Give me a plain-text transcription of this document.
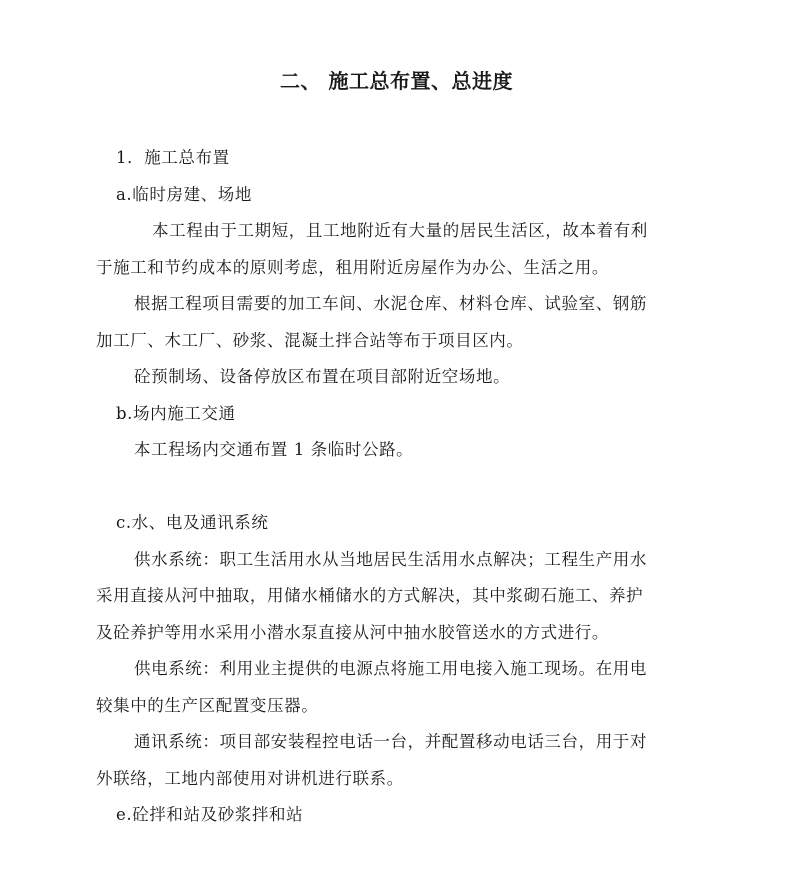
二、 施工总布置、总进度
1．施工总布置
a.临时房建、场地
本工程由于工期短，且工地附近有大量的居民生活区，故本着有利
于施工和节约成本的原则考虑，租用附近房屋作为办公、生活之用。
根据工程项目需要的加工车间、水泥仓库、材料仓库、试验室、钢筋
加工厂、木工厂、砂浆、混凝土拌合站等布于项目区内。
砼预制场、设备停放区布置在项目部附近空场地。
b.场内施工交通
本工程场内交通布置 1 条临时公路。
c.水、电及通讯系统
供水系统：职工生活用水从当地居民生活用水点解决；工程生产用水
采用直接从河中抽取，用储水桶储水的方式解决，其中浆砌石施工、养护
及砼养护等用水采用小潜水泵直接从河中抽水胶管送水的方式进行。
供电系统：利用业主提供的电源点将施工用电接入施工现场。在用电
较集中的生产区配置变压器。
通讯系统：项目部安装程控电话一台，并配置移动电话三台，用于对
外联络，工地内部使用对讲机进行联系。
e.砼拌和站及砂浆拌和站
